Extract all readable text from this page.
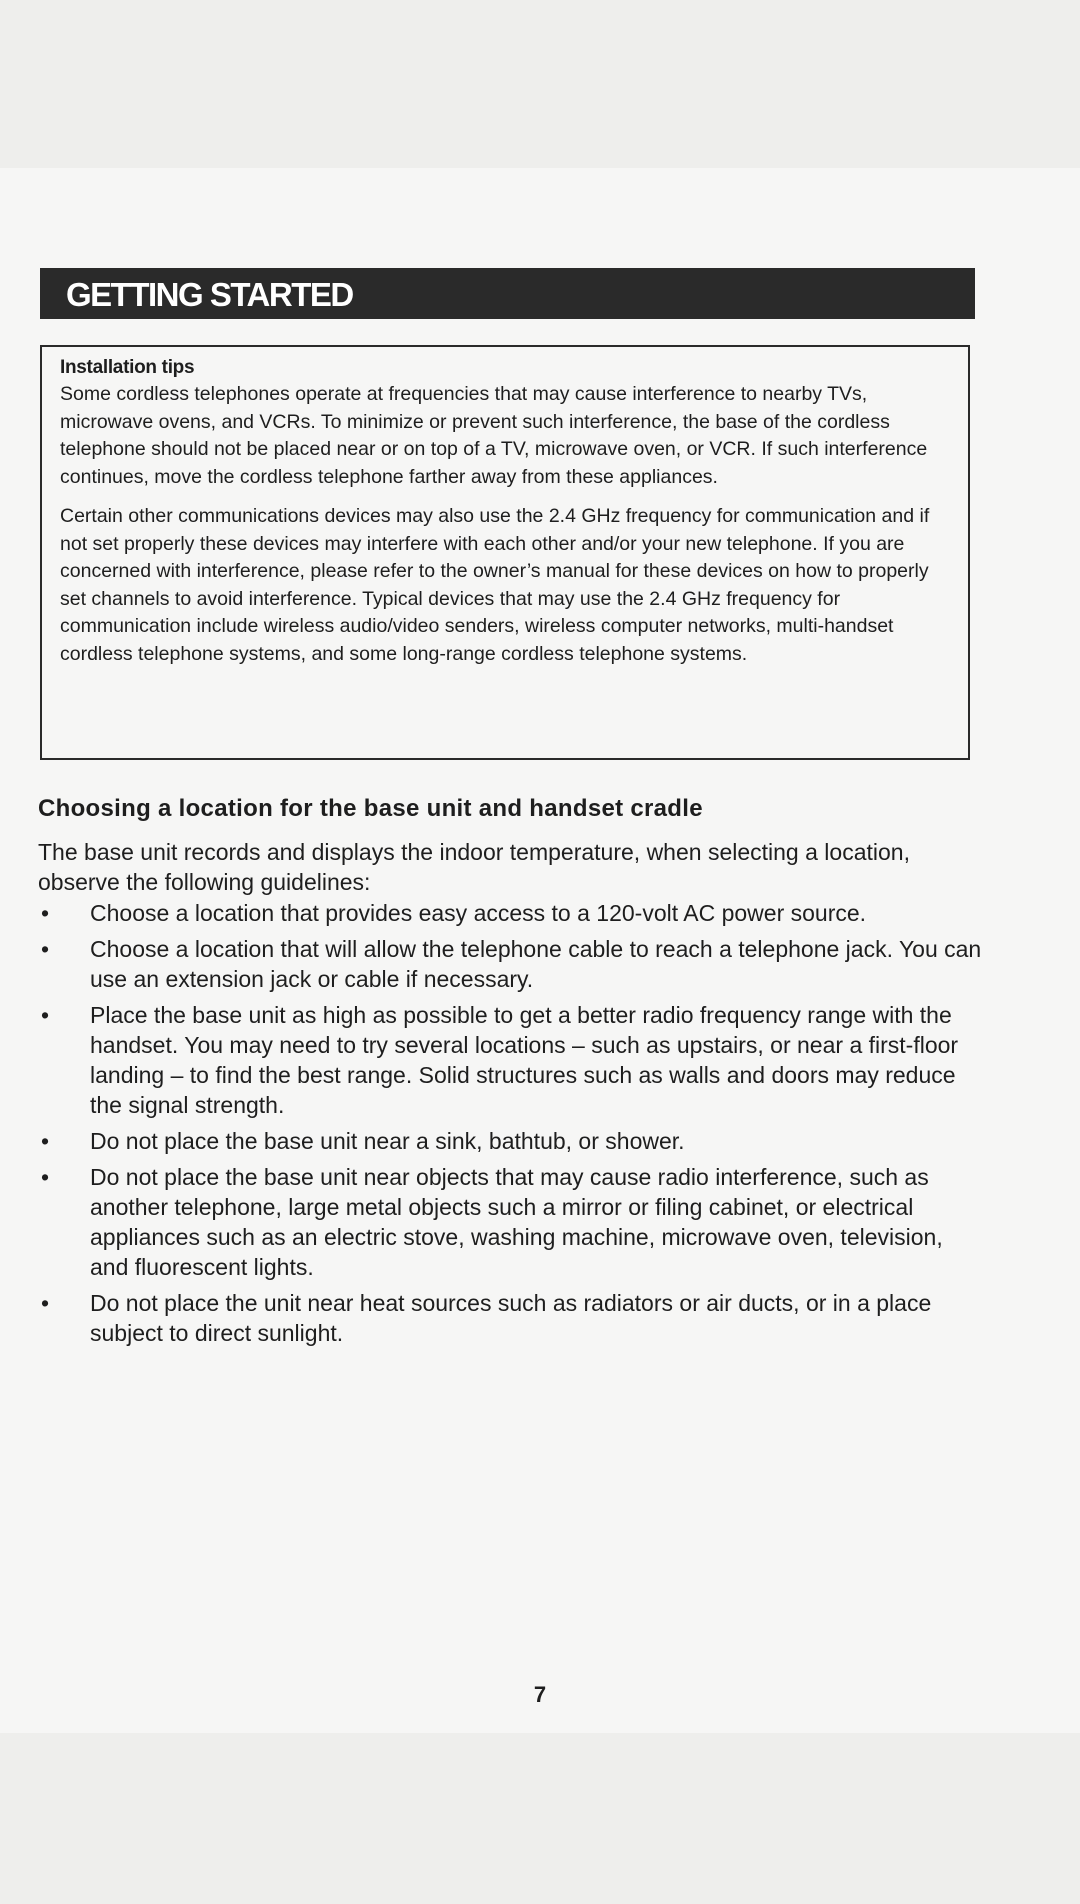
GETTING STARTED
Installation tips

Some cordless telephones operate at frequencies that may cause interference to nearby TVs, microwave ovens, and VCRs. To minimize or prevent such interference, the base of the cordless telephone should not be placed near or on top of a TV, microwave oven, or VCR. If such interference continues, move the cordless telephone farther away from these appliances.

Certain other communications devices may also use the 2.4 GHz frequency for communication and if not set properly these devices may interfere with each other and/or your new telephone. If you are concerned with interference, please refer to the owner’s manual for these devices on how to properly set channels to avoid interference. Typical devices that may use the 2.4 GHz frequency for communication include wireless audio/video senders, wireless computer networks, multi-handset cordless telephone systems, and some long-range cordless telephone systems.

Choosing a location for the base unit and handset cradle

The base unit records and displays the indoor temperature, when selecting a location, observe the following guidelines:

• Choose a location that provides easy access to a 120-volt AC power source.
• Choose a location that will allow the telephone cable to reach a telephone jack. You can use an extension jack or cable if necessary.
• Place the base unit as high as possible to get a better radio frequency range with the handset. You may need to try several locations – such as upstairs, or near a first-floor landing – to find the best range. Solid structures such as walls and doors may reduce the signal strength.
• Do not place the base unit near a sink, bathtub, or shower.
• Do not place the base unit near objects that may cause radio interference, such as another telephone, large metal objects such a mirror or filing cabinet, or electrical appliances such as an electric stove, washing machine, microwave oven, television, and fluorescent lights.
• Do not place the unit near heat sources such as radiators or air ducts, or in a place subject to direct sunlight.
7
